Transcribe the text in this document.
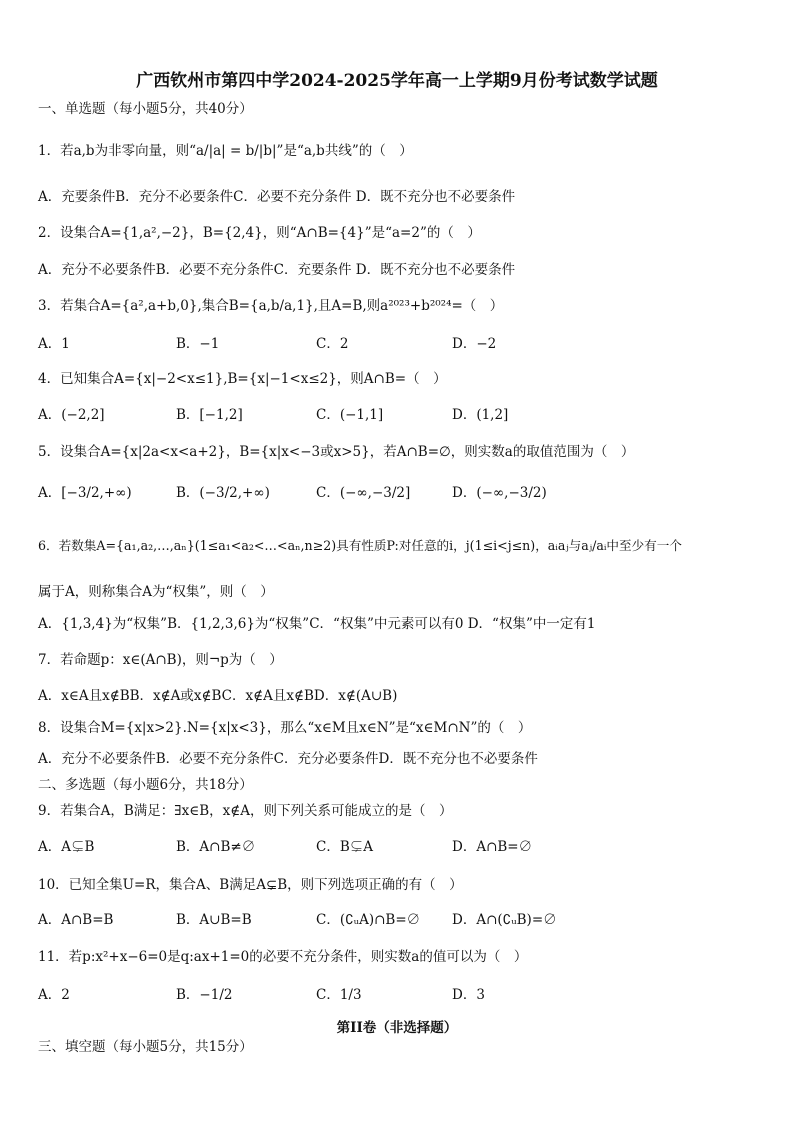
广西钦州市第四中学2024-2025学年高一上学期9月份考试数学试题
一、单选题（每小题5分，共40分）
1．若a,b为非零向量，则“a/|a| = b/|b|”是“a,b共线”的（　）
A．充要条件B．充分不必要条件C．必要不充分条件 D．既不充分也不必要条件
2．设集合A={1,a²,−2}，B={2,4}，则“A∩B={4}”是“a=2”的（　）
A．充分不必要条件B．必要不充分条件C．充要条件 D．既不充分也不必要条件
3．若集合A={a²,a+b,0},集合B={a,b/a,1},且A=B,则a²⁰²³+b²⁰²⁴=（　）
A．1	B．−1	C．2	D．−2
4．已知集合A={x|−2<x≤1},B={x|−1<x≤2}，则A∩B=（　）
A．(−2,2]	B．[−1,2]	C．(−1,1]	D．(1,2]
5．设集合A={x|2a<x<a+2}，B={x|x<−3或x>5}，若A∩B=∅，则实数a的取值范围为（　）
A．[−3/2,+∞)	B．(−3/2,+∞)	C．(−∞,−3/2]	D．(−∞,−3/2)
6．若数集A={a₁,a₂,…,aₙ}(1≤a₁<a₂<…<aₙ,n≥2)具有性质P:对任意的i，j(1≤i<j≤n)，aᵢaⱼ与aⱼ/aᵢ中至少有一个
属于A，则称集合A为“权集”，则（　）
A．{1,3,4}为“权集”B．{1,2,3,6}为“权集”C．“权集”中元素可以有0 D．“权集”中一定有1
7．若命题p：x∈(A∩B)，则¬p为（　）
A．x∈A且x∉BB．x∉A或x∉BC．x∉A且x∉BD．x∉(A∪B)
8．设集合M={x|x>2}.N={x|x<3}，那么“x∈M且x∈N”是“x∈M∩N”的（　）
A．充分不必要条件B．必要不充分条件C．充分必要条件D．既不充分也不必要条件
二、多选题（每小题6分，共18分）
9．若集合A，B满足：∃x∈B，x∉A，则下列关系可能成立的是（　）
A．A⊊B	B．A∩B≠∅	C．B⊊A	D．A∩B=∅
10．已知全集U=R，集合A、B满足A⊊B，则下列选项正确的有（　）
A．A∩B=B	B．A∪B=B	C．(∁ᵤA)∩B=∅ D．A∩(∁ᵤB)=∅
11．若p:x²+x−6=0是q:ax+1=0的必要不充分条件，则实数a的值可以为（　）
A．2	B．−1/2	C．1/3	D．3
第II卷（非选择题）
三、填空题（每小题5分，共15分）
